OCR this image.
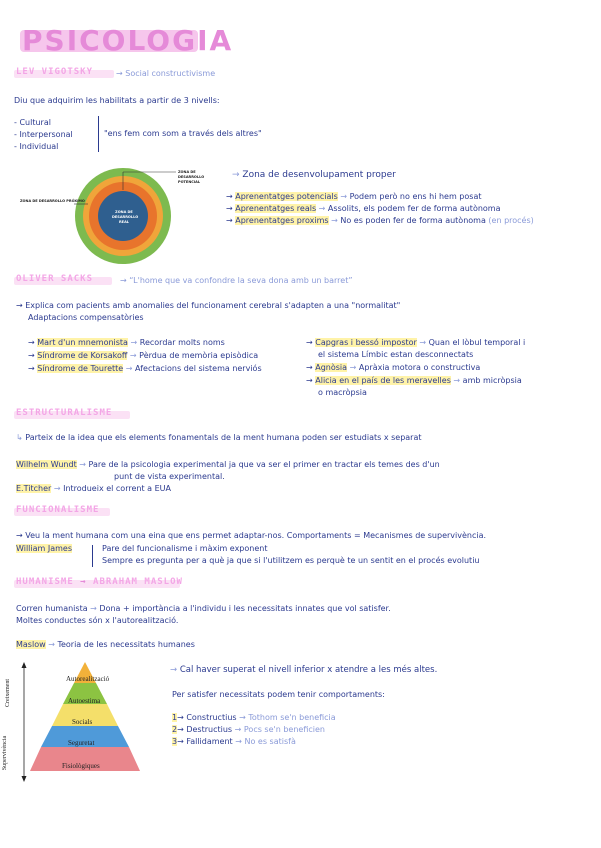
PSICOLOGIA
LEV VIGOTSKY	→ Social constructivisme
Diu que adquirim les habilitats a partir de 3 nivells:
- Cultural
- Interpersonal
- Individual
"ens fem com som a través dels altres"
ZONA DE DESARROLLO PRÓXIMO
ZONA DE DESARROLLO POTENCIAL
ZONA DE DESARROLLO REAL
→ Zona de desenvolupament proper
→ Aprenentatges potencials → Podem però no ens hi hem posat
→ Aprenentatges reals → Assolits, els podem fer de forma autònoma
→ Aprenentatges proxims → No es poden fer de forma autònoma (en procés)
OLIVER SACKS	→ “L'home que va confondre la seva dona amb un barret”
→ Explica com pacients amb anomalies del funcionament cerebral s'adapten a una "normalitat"
Adaptacions compensatòries
→ Mart d'un mnemonista → Recordar molts noms
→ Síndrome de Korsakoff → Pèrdua de memòria episòdica
→ Síndrome de Tourette → Afectacions del sistema nerviós
→ Capgras i bessó impostor → Quan el lòbul temporal i
el sistema Límbic estan desconnectats
→ Agnòsia → Apràxia motora o constructiva
→ Alicia en el país de les meravelles → amb micròpsia
o macròpsia
ESTRUCTURALISME
↳ Parteix de la idea que els elements fonamentals de la ment humana poden ser estudiats x separat
Wilhelm Wundt → Pare de la psicologia experimental ja que va ser el primer en tractar els temes des d'un
punt de vista experimental.
E.Titcher → Introdueix el corrent a EUA
FUNCIONALISME
→ Veu la ment humana com una eina que ens permet adaptar-nos. Comportaments = Mecanismes de supervivència.
William James	Pare del funcionalisme i màxim exponent
Sempre es pregunta per a què ja que si l'utilitzem es perquè te un sentit en el procés evolutiu
HUMANISME → ABRAHAM MASLOW
Corren humanista → Dona + importància a l'individu i les necessitats innates que vol satisfer.
Moltes conductes són x l'autorealització.
Maslow → Teoria de les necessitats humanes
Autorealització
Autoestima
Socials
Seguretat
Fisiològiques
Creixement
Supervivència
→ Cal haver superat el nivell inferior x atendre a les més altes.
Per satisfer necessitats podem tenir comportaments:
1→ Constructius → Tothom se'n beneficia
2→ Destructius → Pocs se'n beneficien
3→ Fallidament → No es satisfà
